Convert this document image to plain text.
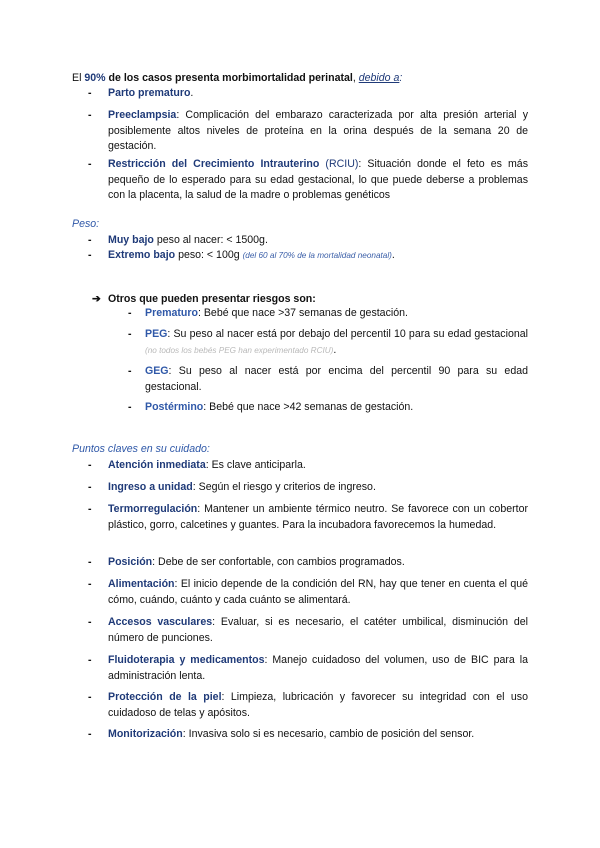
El 90% de los casos presenta morbimortalidad perinatal, debido a:
- Parto prematuro.
- Preeclampsia: Complicación del embarazo caracterizada por alta presión arterial y posiblemente altos niveles de proteína en la orina después de la semana 20 de gestación.
- Restricción del Crecimiento Intrauterino (RCIU): Situación donde el feto es más pequeño de lo esperado para su edad gestacional, lo que puede deberse a problemas con la placenta, la salud de la madre o problemas genéticos
Peso:
- Muy bajo peso al nacer: < 1500g.
- Extremo bajo peso: < 100g (del 60 al 70% de la mortalidad neonatal).
➔ Otros que pueden presentar riesgos son:
- Prematuro: Bebé que nace >37 semanas de gestación.
- PEG: Su peso al nacer está por debajo del percentil 10 para su edad gestacional (no todos los bebés PEG han experimentado RCIU).
- GEG: Su peso al nacer está por encima del percentil 90 para su edad gestacional.
- Postérmino: Bebé que nace >42 semanas de gestación.
Puntos claves en su cuidado:
- Atención inmediata: Es clave anticiparla.
- Ingreso a unidad: Según el riesgo y criterios de ingreso.
- Termorregulación: Mantener un ambiente térmico neutro. Se favorece con un cobertor plástico, gorro, calcetines y guantes. Para la incubadora favorecemos la humedad.
- Posición: Debe de ser confortable, con cambios programados.
- Alimentación: El inicio depende de la condición del RN, hay que tener en cuenta el qué cómo, cuándo, cuánto y cada cuánto se alimentará.
- Accesos vasculares: Evaluar, si es necesario, el catéter umbilical, disminución del número de punciones.
- Fluidoterapia y medicamentos: Manejo cuidadoso del volumen, uso de BIC para la administración lenta.
- Protección de la piel: Limpieza, lubricación y favorecer su integridad con el uso cuidadoso de telas y apósitos.
- Monitorización: Invasiva solo si es necesario, cambio de posición del sensor.
